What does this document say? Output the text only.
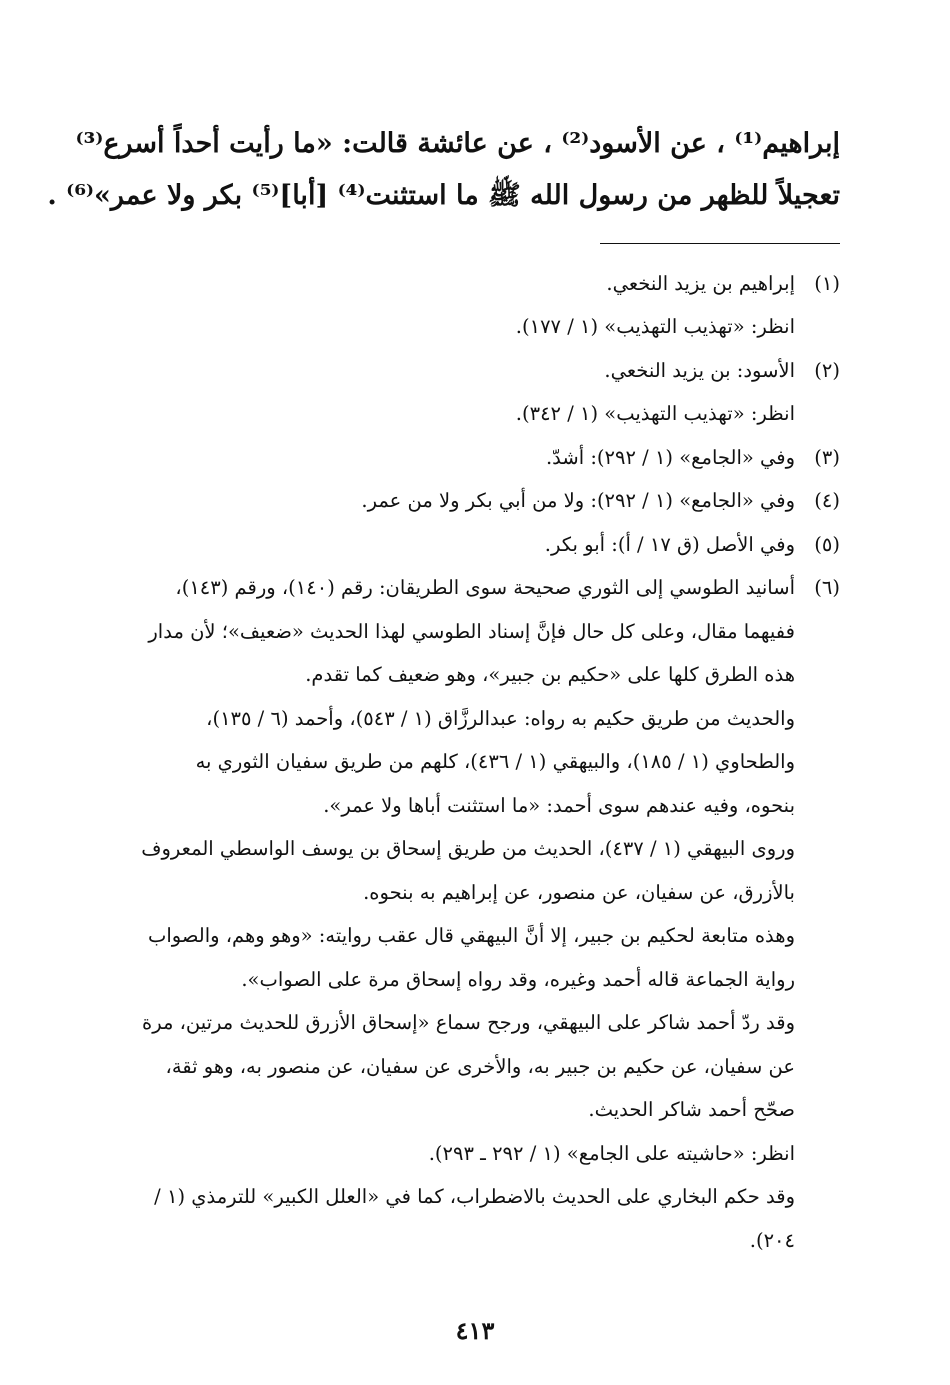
إبراهيم⁽¹⁾ ، عن الأسود⁽²⁾ ، عن عائشة قالت: «ما رأيت أحداً أسرع⁽³⁾
تعجيلاً للظهر من رسول الله ﷺ ما استثنت⁽⁴⁾ [أبا]⁽⁵⁾ بكر ولا عمر»⁽⁶⁾ .
(١)إبراهيم بن يزيد النخعي.
انظر: «تهذيب التهذيب» (١ / ١٧٧).
(٢)الأسود: بن يزيد النخعي.
انظر: «تهذيب التهذيب» (١ / ٣٤٢).
(٣)وفي «الجامع» (١ / ٢٩٢): أشدّ.
(٤)وفي «الجامع» (١ / ٢٩٢): ولا من أبي بكر ولا من عمر.
(٥)وفي الأصل (ق ١٧ / أ): أبو بكر.
(٦)أسانيد الطوسي إلى الثوري صحيحة سوى الطريقان: رقم (١٤٠)، ورقم (١٤٣)،
ففيهما مقال، وعلى كل حال فإنَّ إسناد الطوسي لهذا الحديث «ضعيف»؛ لأن مدار
هذه الطرق كلها على «حكيم بن جبير»، وهو ضعيف كما تقدم.
والحديث من طريق حكيم به رواه: عبدالرزَّاق (١ / ٥٤٣)، وأحمد (٦ / ١٣٥)،
والطحاوي (١ / ١٨٥)، والبيهقي (١ / ٤٣٦)، كلهم من طريق سفيان الثوري به
بنحوه، وفيه عندهم سوى أحمد: «ما استثنت أباها ولا عمر».
وروى البيهقي (١ / ٤٣٧)، الحديث من طريق إسحاق بن يوسف الواسطي المعروف
بالأزرق، عن سفيان، عن منصور، عن إبراهيم به بنحوه.
وهذه متابعة لحكيم بن جبير، إلا أنَّ البيهقي قال عقب روايته: «وهو وهم، والصواب
رواية الجماعة قاله أحمد وغيره، وقد رواه إسحاق مرة على الصواب».
وقد ردّ أحمد شاكر على البيهقي، ورجح سماع «إسحاق الأزرق للحديث مرتين، مرة
عن سفيان، عن حكيم بن جبير به، والأخرى عن سفيان، عن منصور به، وهو ثقة،
صحّح أحمد شاكر الحديث.
انظر: «حاشيته على الجامع» (١ / ٢٩٢ ـ ٢٩٣).
وقد حكم البخاري على الحديث بالاضطراب، كما في «العلل الكبير» للترمذي (١ /
٢٠٤).
٤١٣
